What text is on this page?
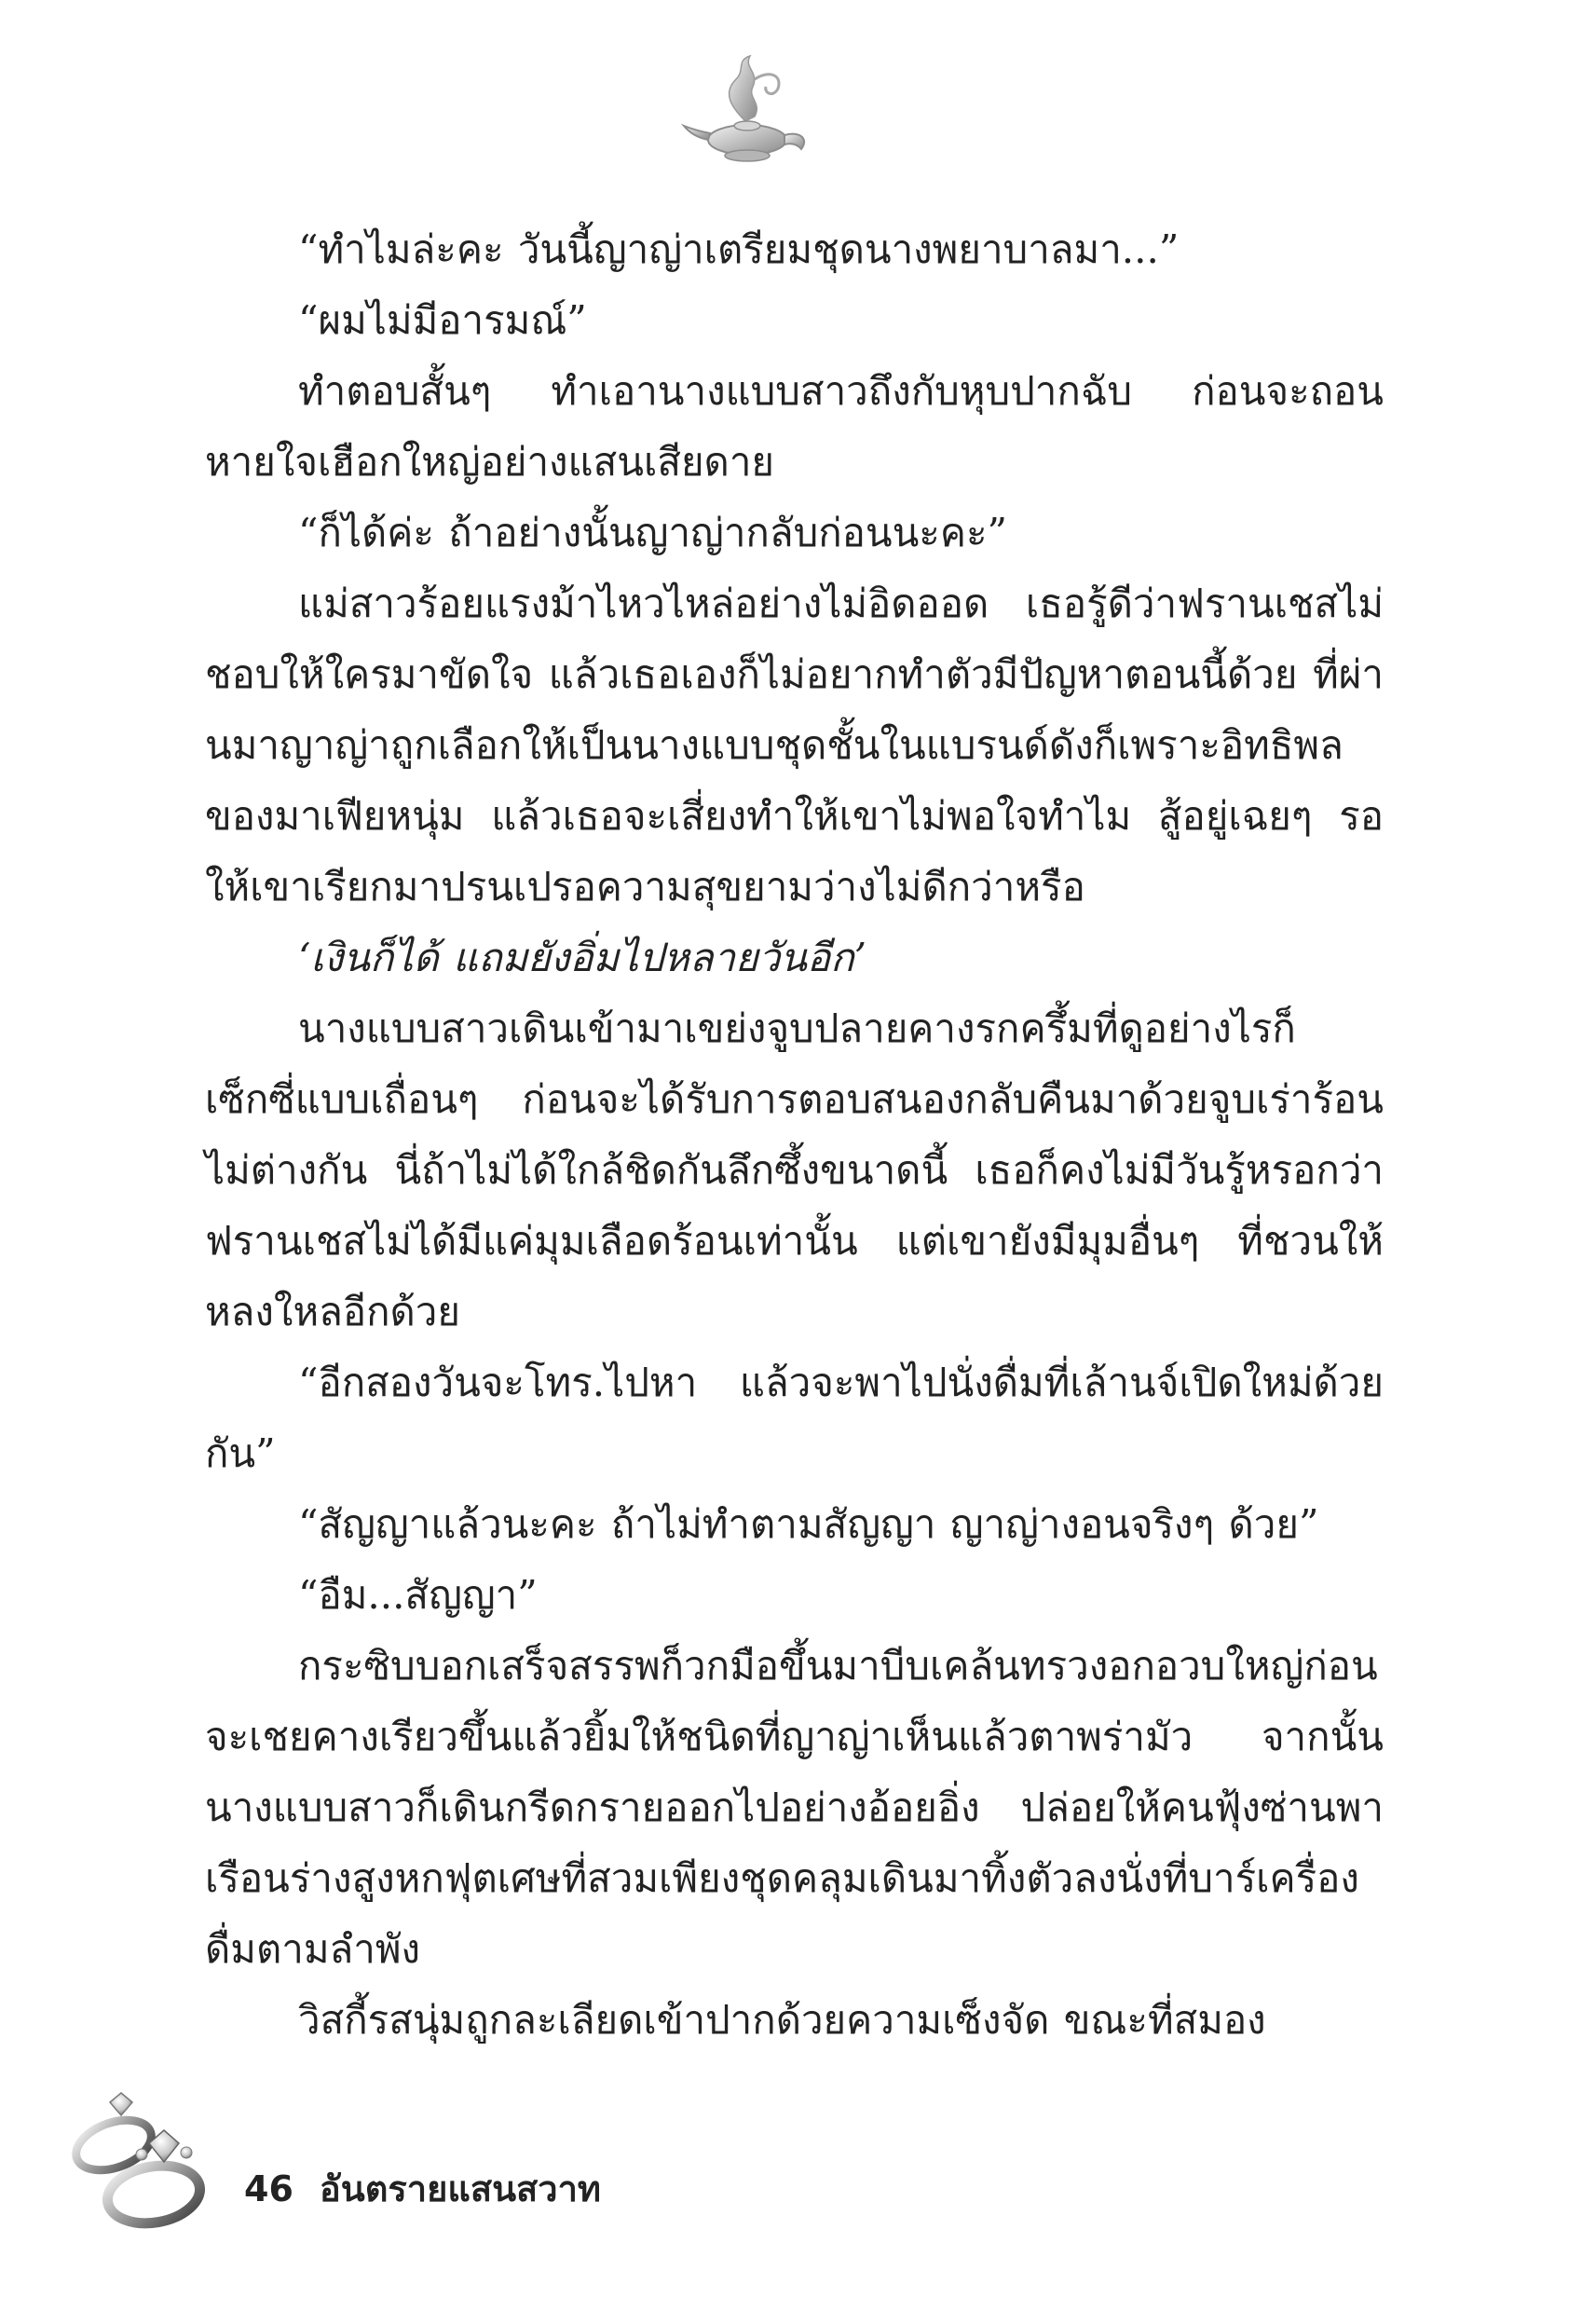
“ทำไมล่ะคะ วันนี้ญาญ่าเตรียมชุดนางพยาบาลมา...”

“ผมไม่มีอารมณ์”

ทำตอบสั้นๆ ทำเอานางแบบสาวถึงกับหุบปากฉับ ก่อนจะถอนหายใจเฮือกใหญ่อย่างแสนเสียดาย

“ก็ได้ค่ะ ถ้าอย่างนั้นญาญ่ากลับก่อนนะคะ”

แม่สาวร้อยแรงม้าไหวไหล่อย่างไม่อิดออด เธอรู้ดีว่าฟรานเชสไม่ชอบให้ใครมาขัดใจ แล้วเธอเองก็ไม่อยากทำตัวมีปัญหาตอนนี้ด้วย ที่ผ่านมาญาญ่าถูกเลือกให้เป็นนางแบบชุดชั้นในแบรนด์ดังก็เพราะอิทธิพลของมาเฟียหนุ่ม แล้วเธอจะเสี่ยงทำให้เขาไม่พอใจทำไม สู้อยู่เฉยๆ รอให้เขาเรียกมาปรนเปรอความสุขยามว่างไม่ดีกว่าหรือ

‘เงินก็ได้ แถมยังอิ่มไปหลายวันอีก’

นางแบบสาวเดินเข้ามาเขย่งจูบปลายคางรกครึ้มที่ดูอย่างไรก็เซ็กซี่แบบเถื่อนๆ ก่อนจะได้รับการตอบสนองกลับคืนมาด้วยจูบเร่าร้อนไม่ต่างกัน นี่ถ้าไม่ได้ใกล้ชิดกันลึกซึ้งขนาดนี้ เธอก็คงไม่มีวันรู้หรอกว่าฟรานเชสไม่ได้มีแค่มุมเลือดร้อนเท่านั้น แต่เขายังมีมุมอื่นๆ ที่ชวนให้หลงใหลอีกด้วย

“อีกสองวันจะโทร.ไปหา แล้วจะพาไปนั่งดื่มที่เล้านจ์เปิดใหม่ด้วยกัน”

“สัญญาแล้วนะคะ ถ้าไม่ทำตามสัญญา ญาญ่างอนจริงๆ ด้วย”

“อืม...สัญญา”

กระซิบบอกเสร็จสรรพก็วกมือขึ้นมาบีบเคล้นทรวงอกอวบใหญ่ก่อนจะเชยคางเรียวขึ้นแล้วยิ้มให้ชนิดที่ญาญ่าเห็นแล้วตาพร่ามัว จากนั้นนางแบบสาวก็เดินกรีดกรายออกไปอย่างอ้อยอิ่ง ปล่อยให้คนฟุ้งซ่านพาเรือนร่างสูงหกฟุตเศษที่สวมเพียงชุดคลุมเดินมาทิ้งตัวลงนั่งที่บาร์เครื่องดื่มตามลำพัง

วิสกี้รสนุ่มถูกละเลียดเข้าปากด้วยความเซ็งจัด ขณะที่สมอง

46 อันตรายแสนสวาท
